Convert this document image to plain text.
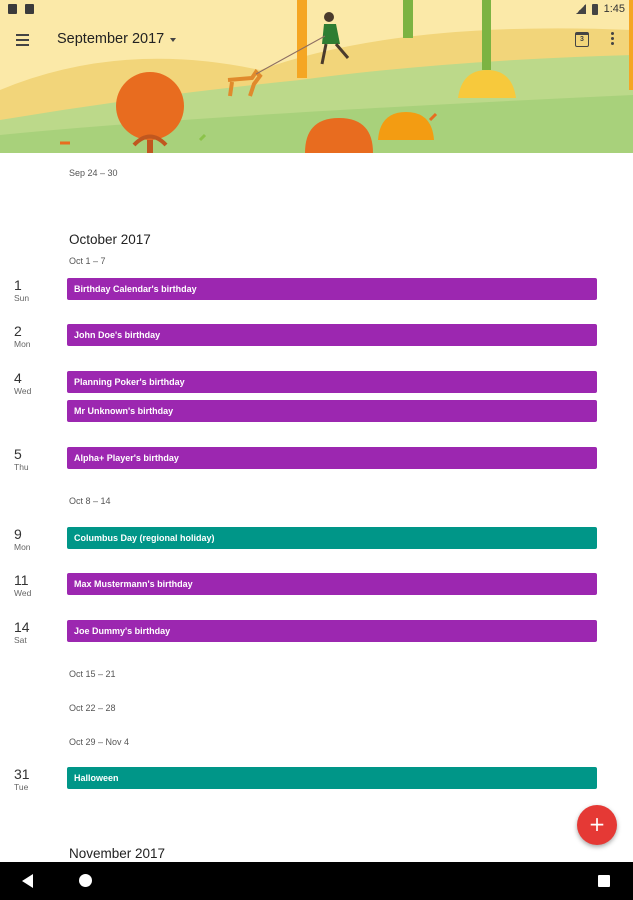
1:45
September 2017	3
Sep 24 – 30
October 2017
Oct 1 – 7
1
Sun
Birthday Calendar's birthday
2
Mon
John Doe's birthday
4
Wed
Planning Poker's birthday
Mr Unknown's birthday
5
Thu
Alpha+ Player's birthday
Oct 8 – 14
9
Mon
Columbus Day (regional holiday)
11
Wed
Max Mustermann's birthday
14
Sat
Joe Dummy's birthday
Oct 15 – 21
Oct 22 – 28
Oct 29 – Nov 4
31
Tue
Halloween
November 2017
+
